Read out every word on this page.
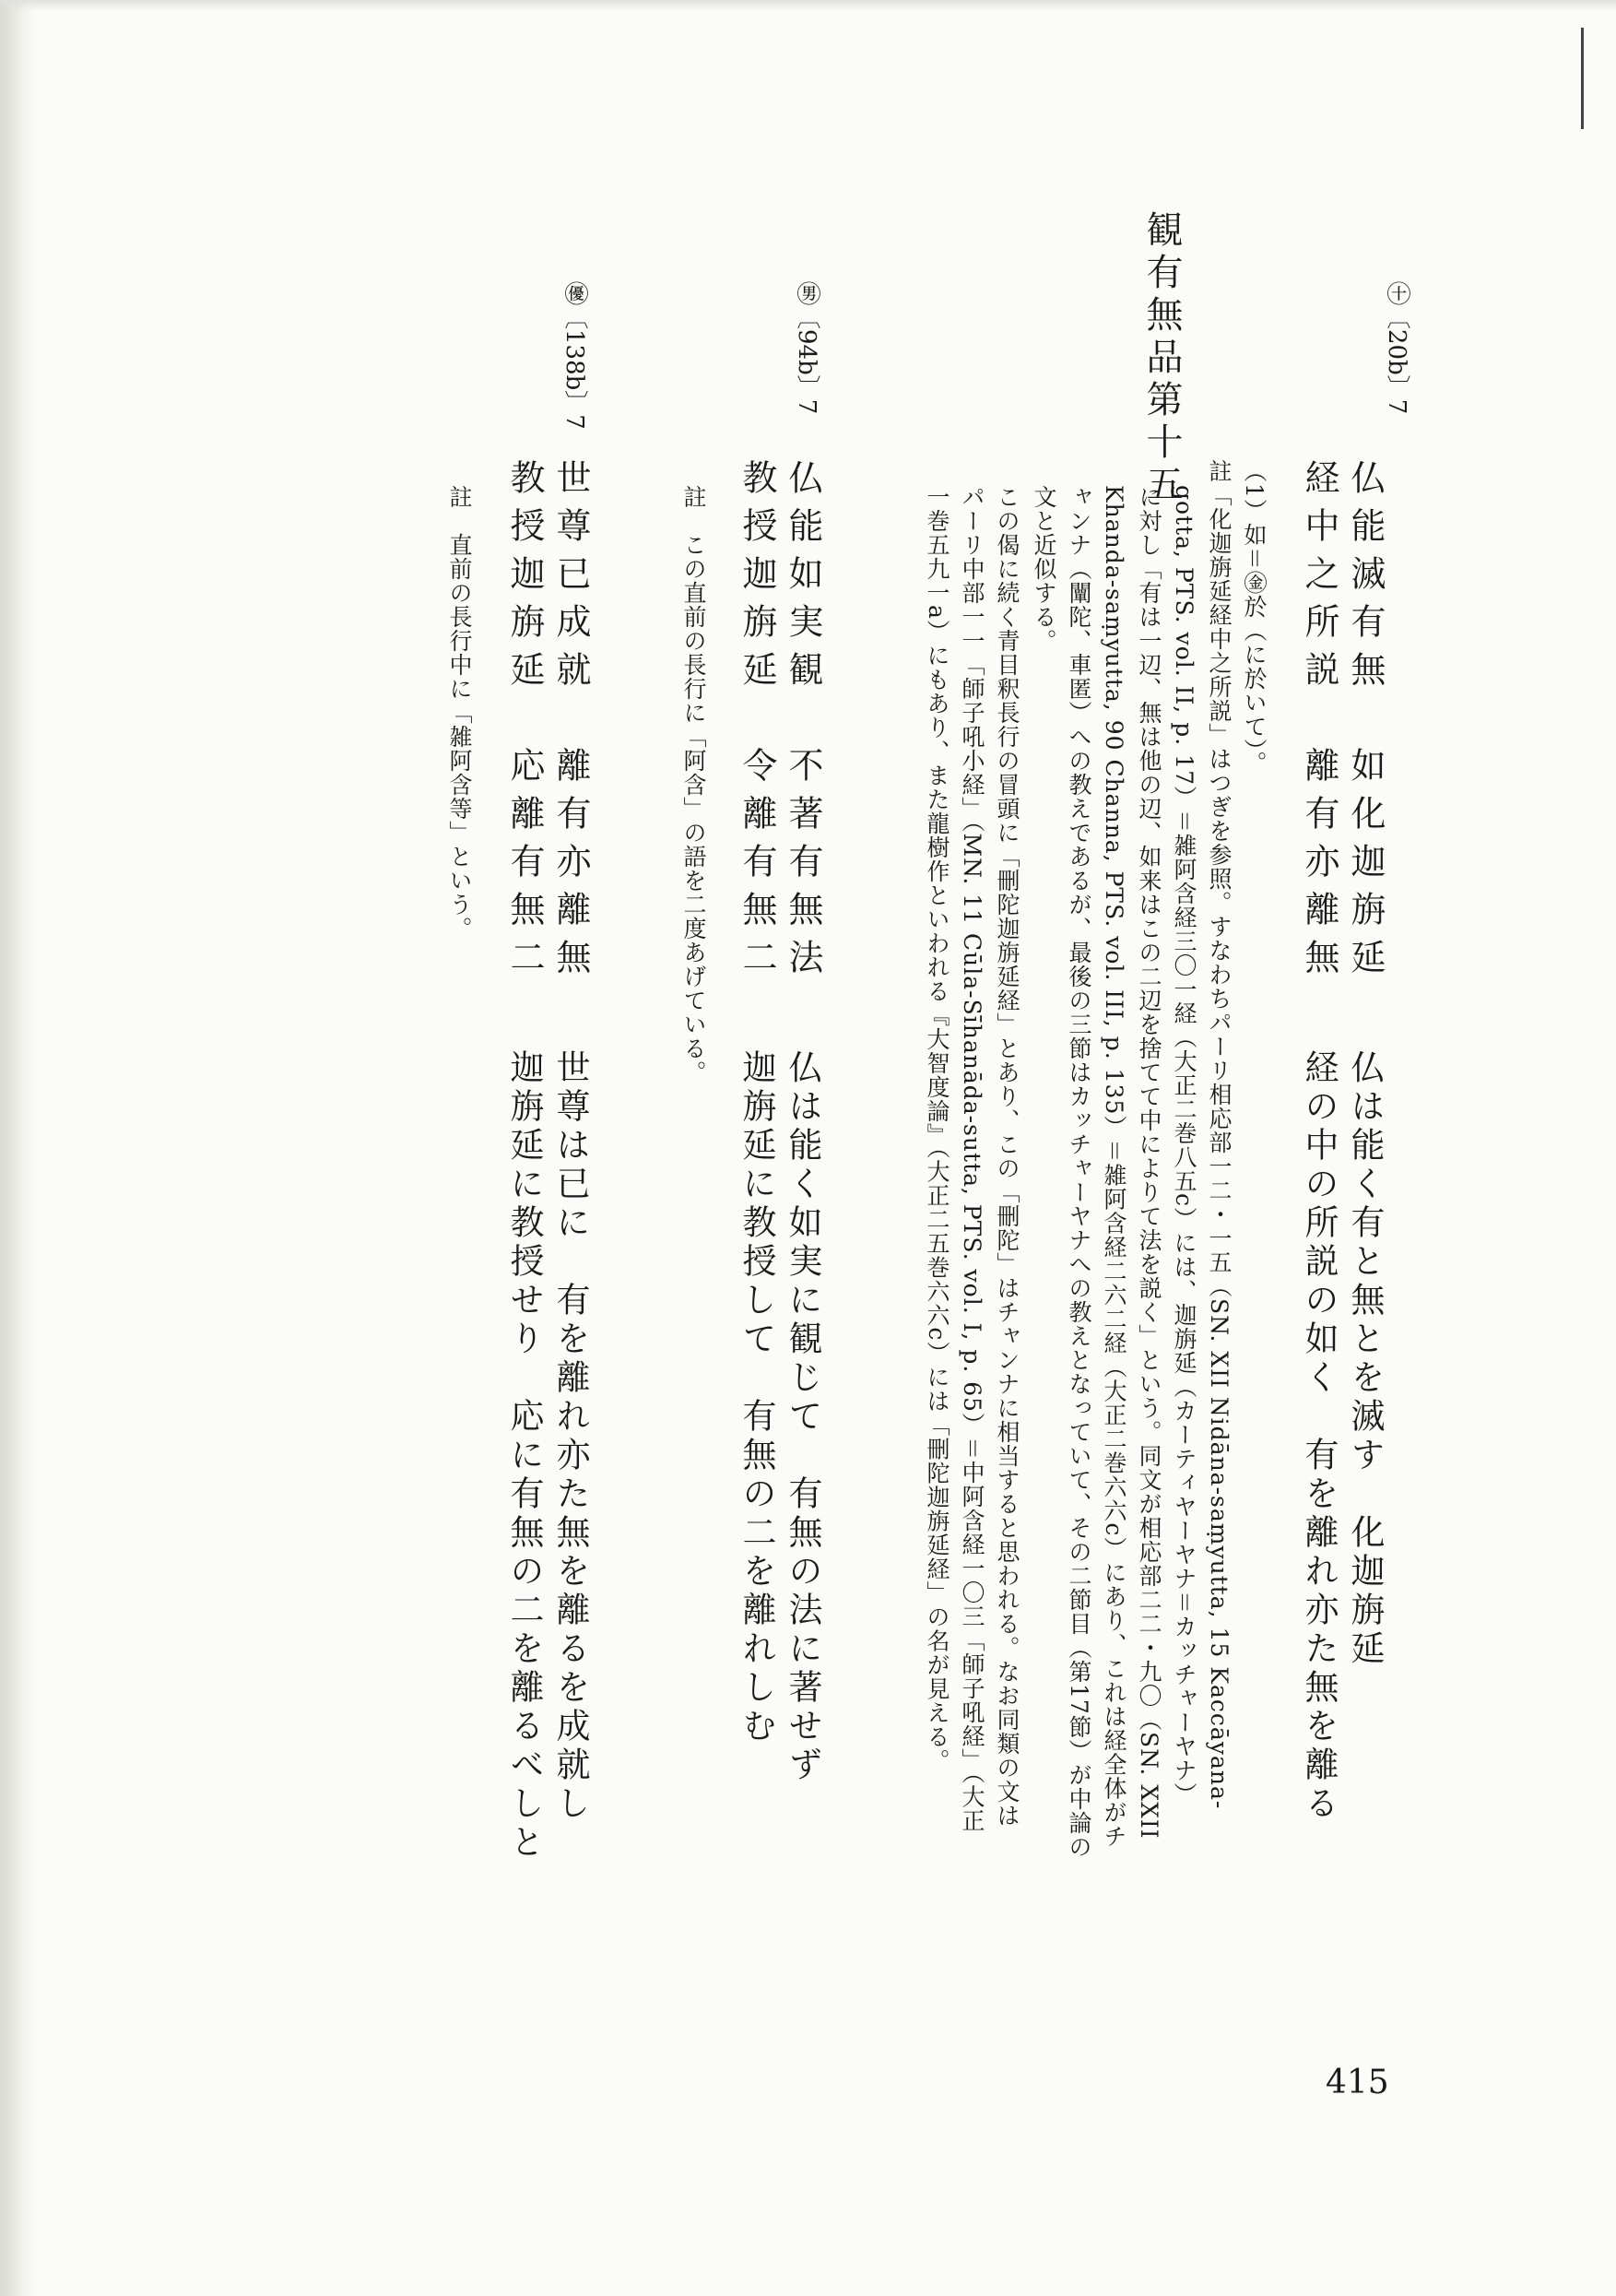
観有無品第十五
415
㊉〔20b〕7
仏能滅有無　如化迦旃延
経中之所説　離有亦離無
仏は能く有と無とを滅す　化迦旃延
経の中の所説の如く　有を離れ亦た無を離る
（1）如＝㊎於（に於いて）。
註「化迦旃延経中之所説」はつぎを参照。すなわちパーリ相応部一二・一五（SN. XII Nidāna-saṃyutta, 15 Kaccāyana-
gotta, PTS. vol. II, p. 17）＝雑阿含経三〇一経（大正二巻八五c）には、迦旃延（カーティヤーヤナ＝カッチャーヤナ）
に対し「有は一辺、無は他の辺、如来はこの二辺を捨てて中によりて法を説く」という。同文が相応部二二・九〇（SN. XXII
Khanda-saṃyutta, 90 Channa, PTS. vol. III, p. 135）＝雑阿含経二六二経（大正二巻六六c）にあり、これは経全体がチ
ャンナ（闡陀、車匿）への教えであるが、最後の三節はカッチャーヤナへの教えとなっていて、その二節目（第17節）が中論の
文と近似する。
この偈に続く青目釈長行の冒頭に「刪陀迦旃延経」とあり、この「刪陀」はチャンナに相当すると思われる。なお同類の文は
パーリ中部一一「師子吼小経」（MN. 11 Cūla-Sīhanāda-sutta, PTS. vol. I, p. 65）＝中阿含経一〇三「師子吼経」（大正
一巻五九一a）にもあり、また龍樹作といわれる『大智度論』（大正二五巻六六c）には「刪陀迦旃延経」の名が見える。
㊚〔94b〕7
仏能如実観　不著有無法
教授迦旃延　令離有無二
仏は能く如実に観じて　有無の法に著せず
迦旃延に教授して　有無の二を離れしむ
註　この直前の長行に「阿含」の語を二度あげている。
㊝〔138b〕7
世尊已成就　離有亦離無
教授迦旃延　応離有無二
世尊は已に　有を離れ亦た無を離るを成就し
迦旃延に教授せり　応に有無の二を離るべしと
註　直前の長行中に「雑阿含等」という。
